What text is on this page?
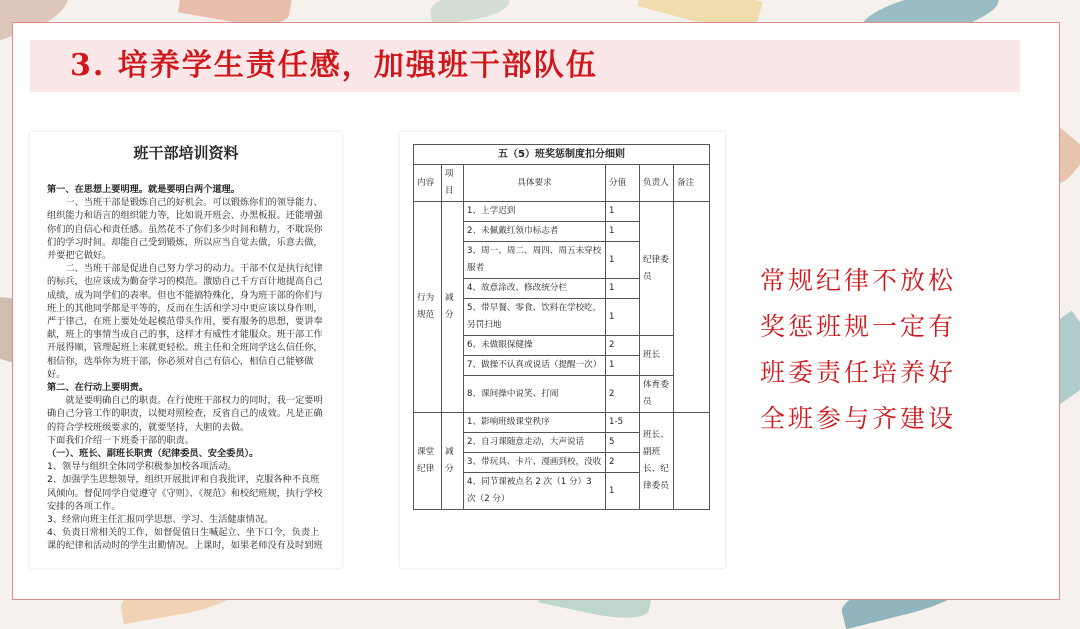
3. 培养学生责任感，加强班干部队伍
班干部培训资料

第一、在思想上要明理。就是要明白两个道理。

一、当班干部是锻炼自己的好机会。可以锻炼你们的领导能力、组织能力和语言的组织能力等，比如说开班会、办黑板报。还能增强你们的自信心和责任感。虽然花不了你们多少时间和精力，不耽误你们的学习时间。却能自己受到锻炼，所以应当自觉去做，乐意去做，并要把它做好。

二、当班干部是促进自己努力学习的动力。干部不仅是执行纪律的标兵，也应该成为勤奋学习的模范。激励自己千方百计地提高自己成绩，成为同学们的表率。但也不能搞特殊化，身为班干部的你们与班上的其他同学都是平等的，反而在生活和学习中更应该以身作则，严于律己，在班上要处处起模范带头作用，要有服务的思想，要讲奉献，班上的事情当成自己的事，这样才有威性才能服众。班干部工作开展得顺，管理起班上来就更轻松。班主任和全班同学这么信任你，相信你，选举你为班干部，你必须对自己有信心，相信自己能够做好。

第二、在行动上要明责。

就是要明确自己的职责。在行使班干部权力的同时，我一定要明确自己分管工作的职责，以便对照检查，反省自己的成效。凡是正确的符合学校班级要求的，就要坚持，大胆的去做。

下面我们介绍一下班委干部的职责。

（一）、班长、副班长职责（纪律委员、安全委员）。

1、领导与组织全体同学积极参加校各项活动。

2、加强学生思想领导，组织开展批评和自我批评，克服各种不良班风倾向。督促同学自觉遵守《守则》、《规范》和校纪班规，执行学校安排的各项工作。

3、经常向班主任汇报同学思想、学习、生活健康情况。

4、负责日常相关的工作，如督促值日生喊起立、坐下口令，负责上课的纪律和活动时的学生出勤情况。上课时，如果老师没有及时到班

五（5）班奖惩制度扣分细则					
内容	项目	具体要求	分值	负责人	备注
行为规范	减分	1、上学迟到	1	纪律委员	
		2、未佩戴红领巾标志者	1		
		3、周一、周二、周四、周五未穿校服者	1		
		4、故意涂改、修改统分栏	1		
		5、带早餐、零食、饮料在学校吃，另罚扫地	1		
		6、未做眼保健操	2	班长	
		7、做操不认真或说话（提醒一次）	1		
		8、课间操中说笑、打闹	2	体育委员	
课堂纪律	减分	1、影响班级课堂秩序	1-5	班长、副班长、纪律委员	
		2、自习课随意走动，大声说话	5		
		3、带玩具、卡片、漫画到校，没收	2		
		4、同节课被点名 2 次（1 分）3 次（2 分）	1		
常规纪律不放松
奖惩班规一定有
班委责任培养好
全班参与齐建设
